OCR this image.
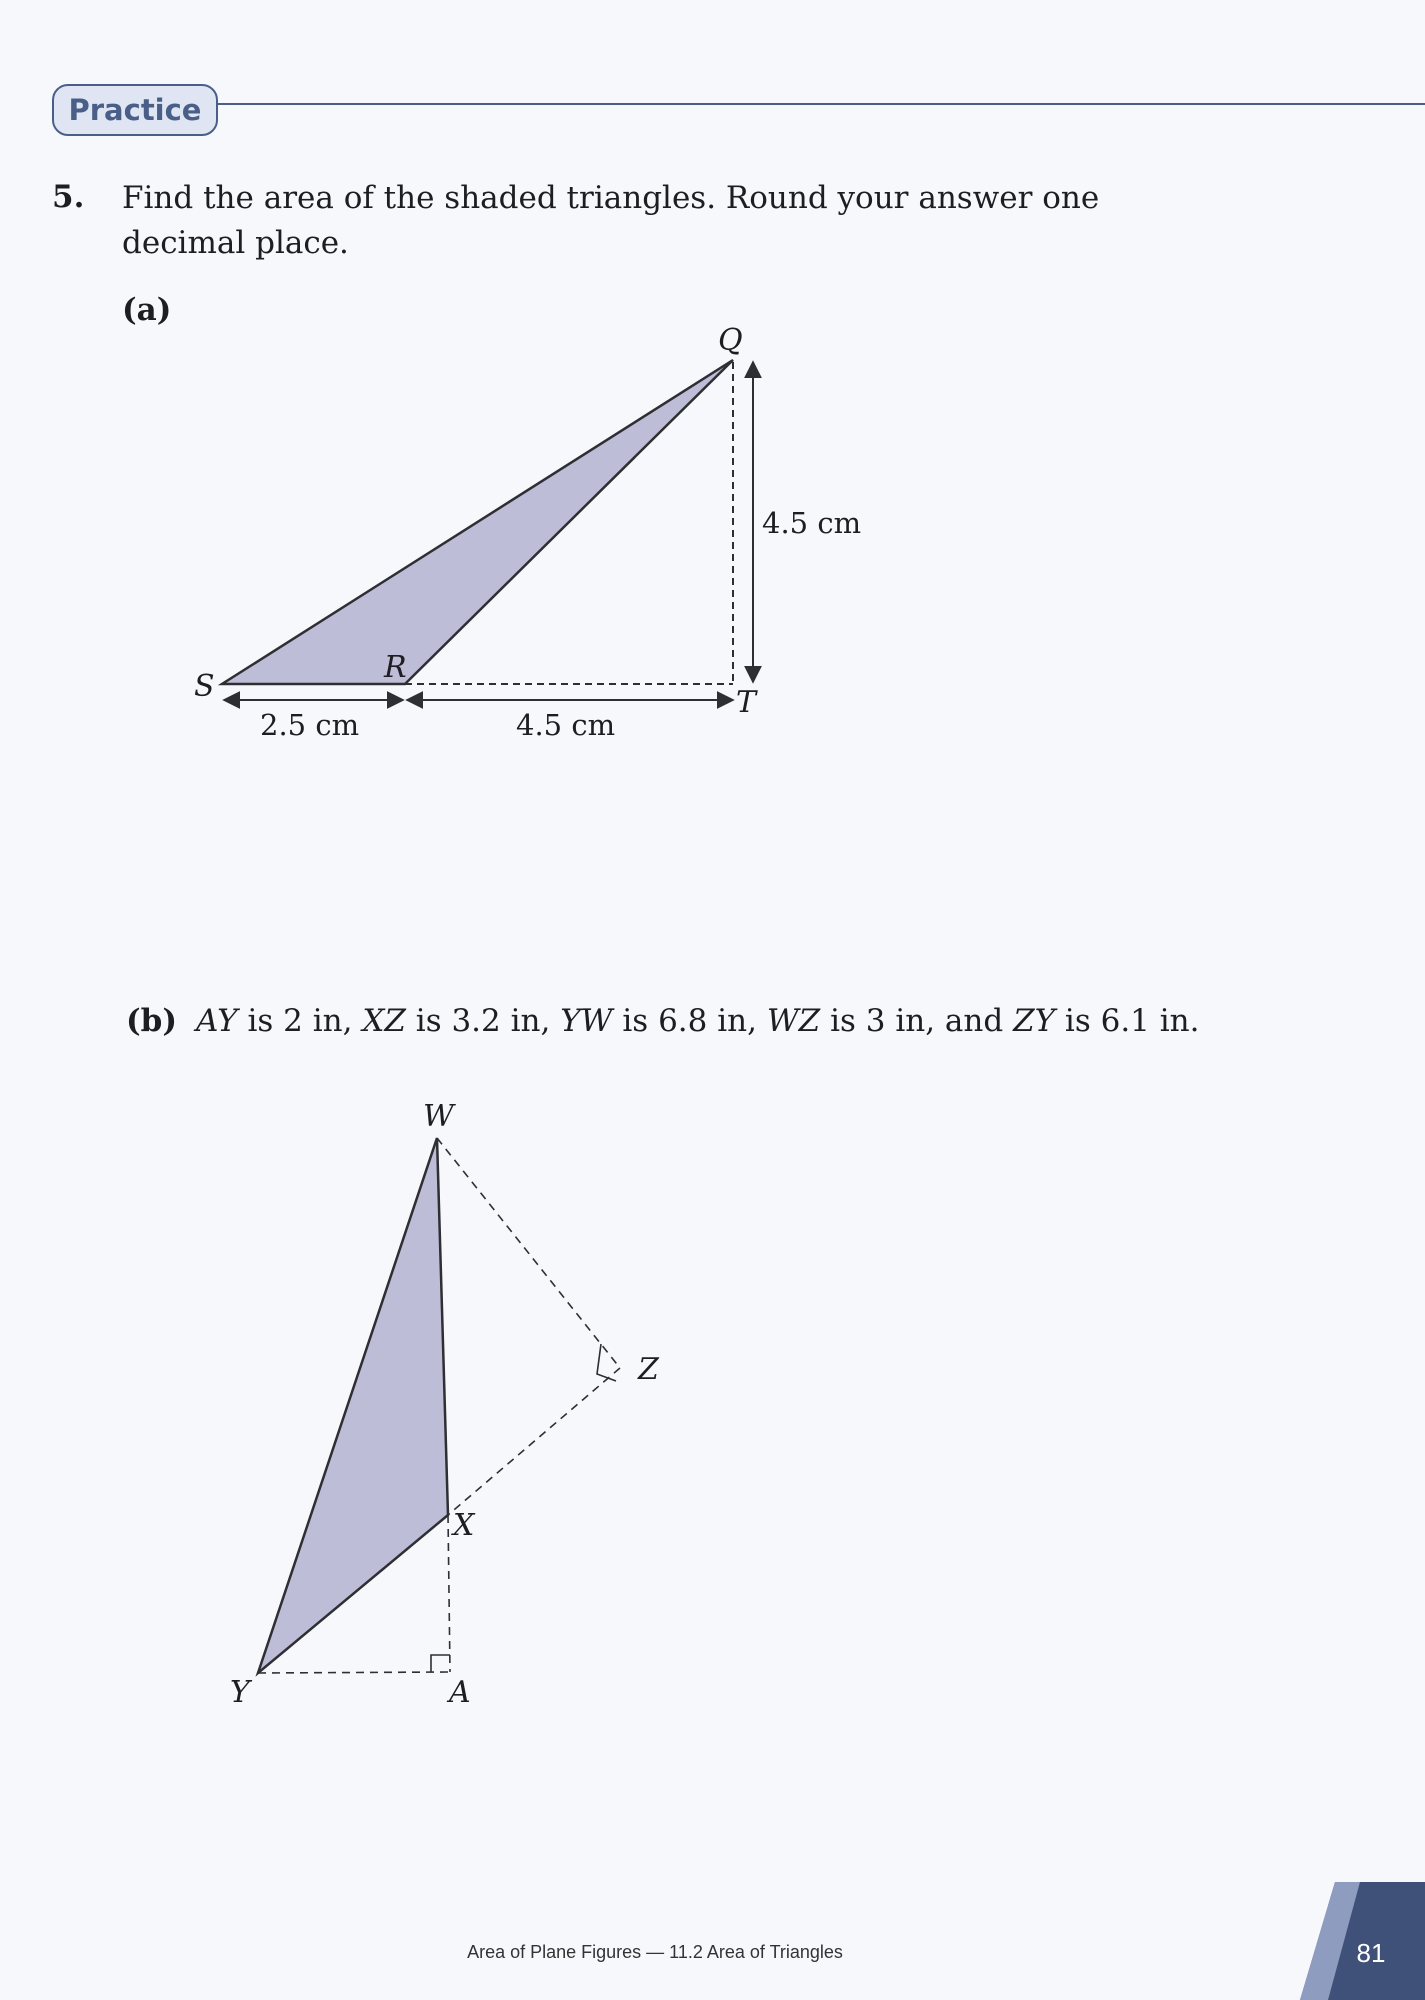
Practice
5. Find the area of the shaded triangles. Round your answer one decimal place.
(a)
Q
S
R
T
4.5 cm
2.5 cm	4.5 cm
(b) AY is 2 in, XZ is 3.2 in, YW is 6.8 in, WZ is 3 in, and ZY is 6.1 in.
W
Z
X
Y	A
Area of Plane Figures — 11.2 Area of Triangles	81
